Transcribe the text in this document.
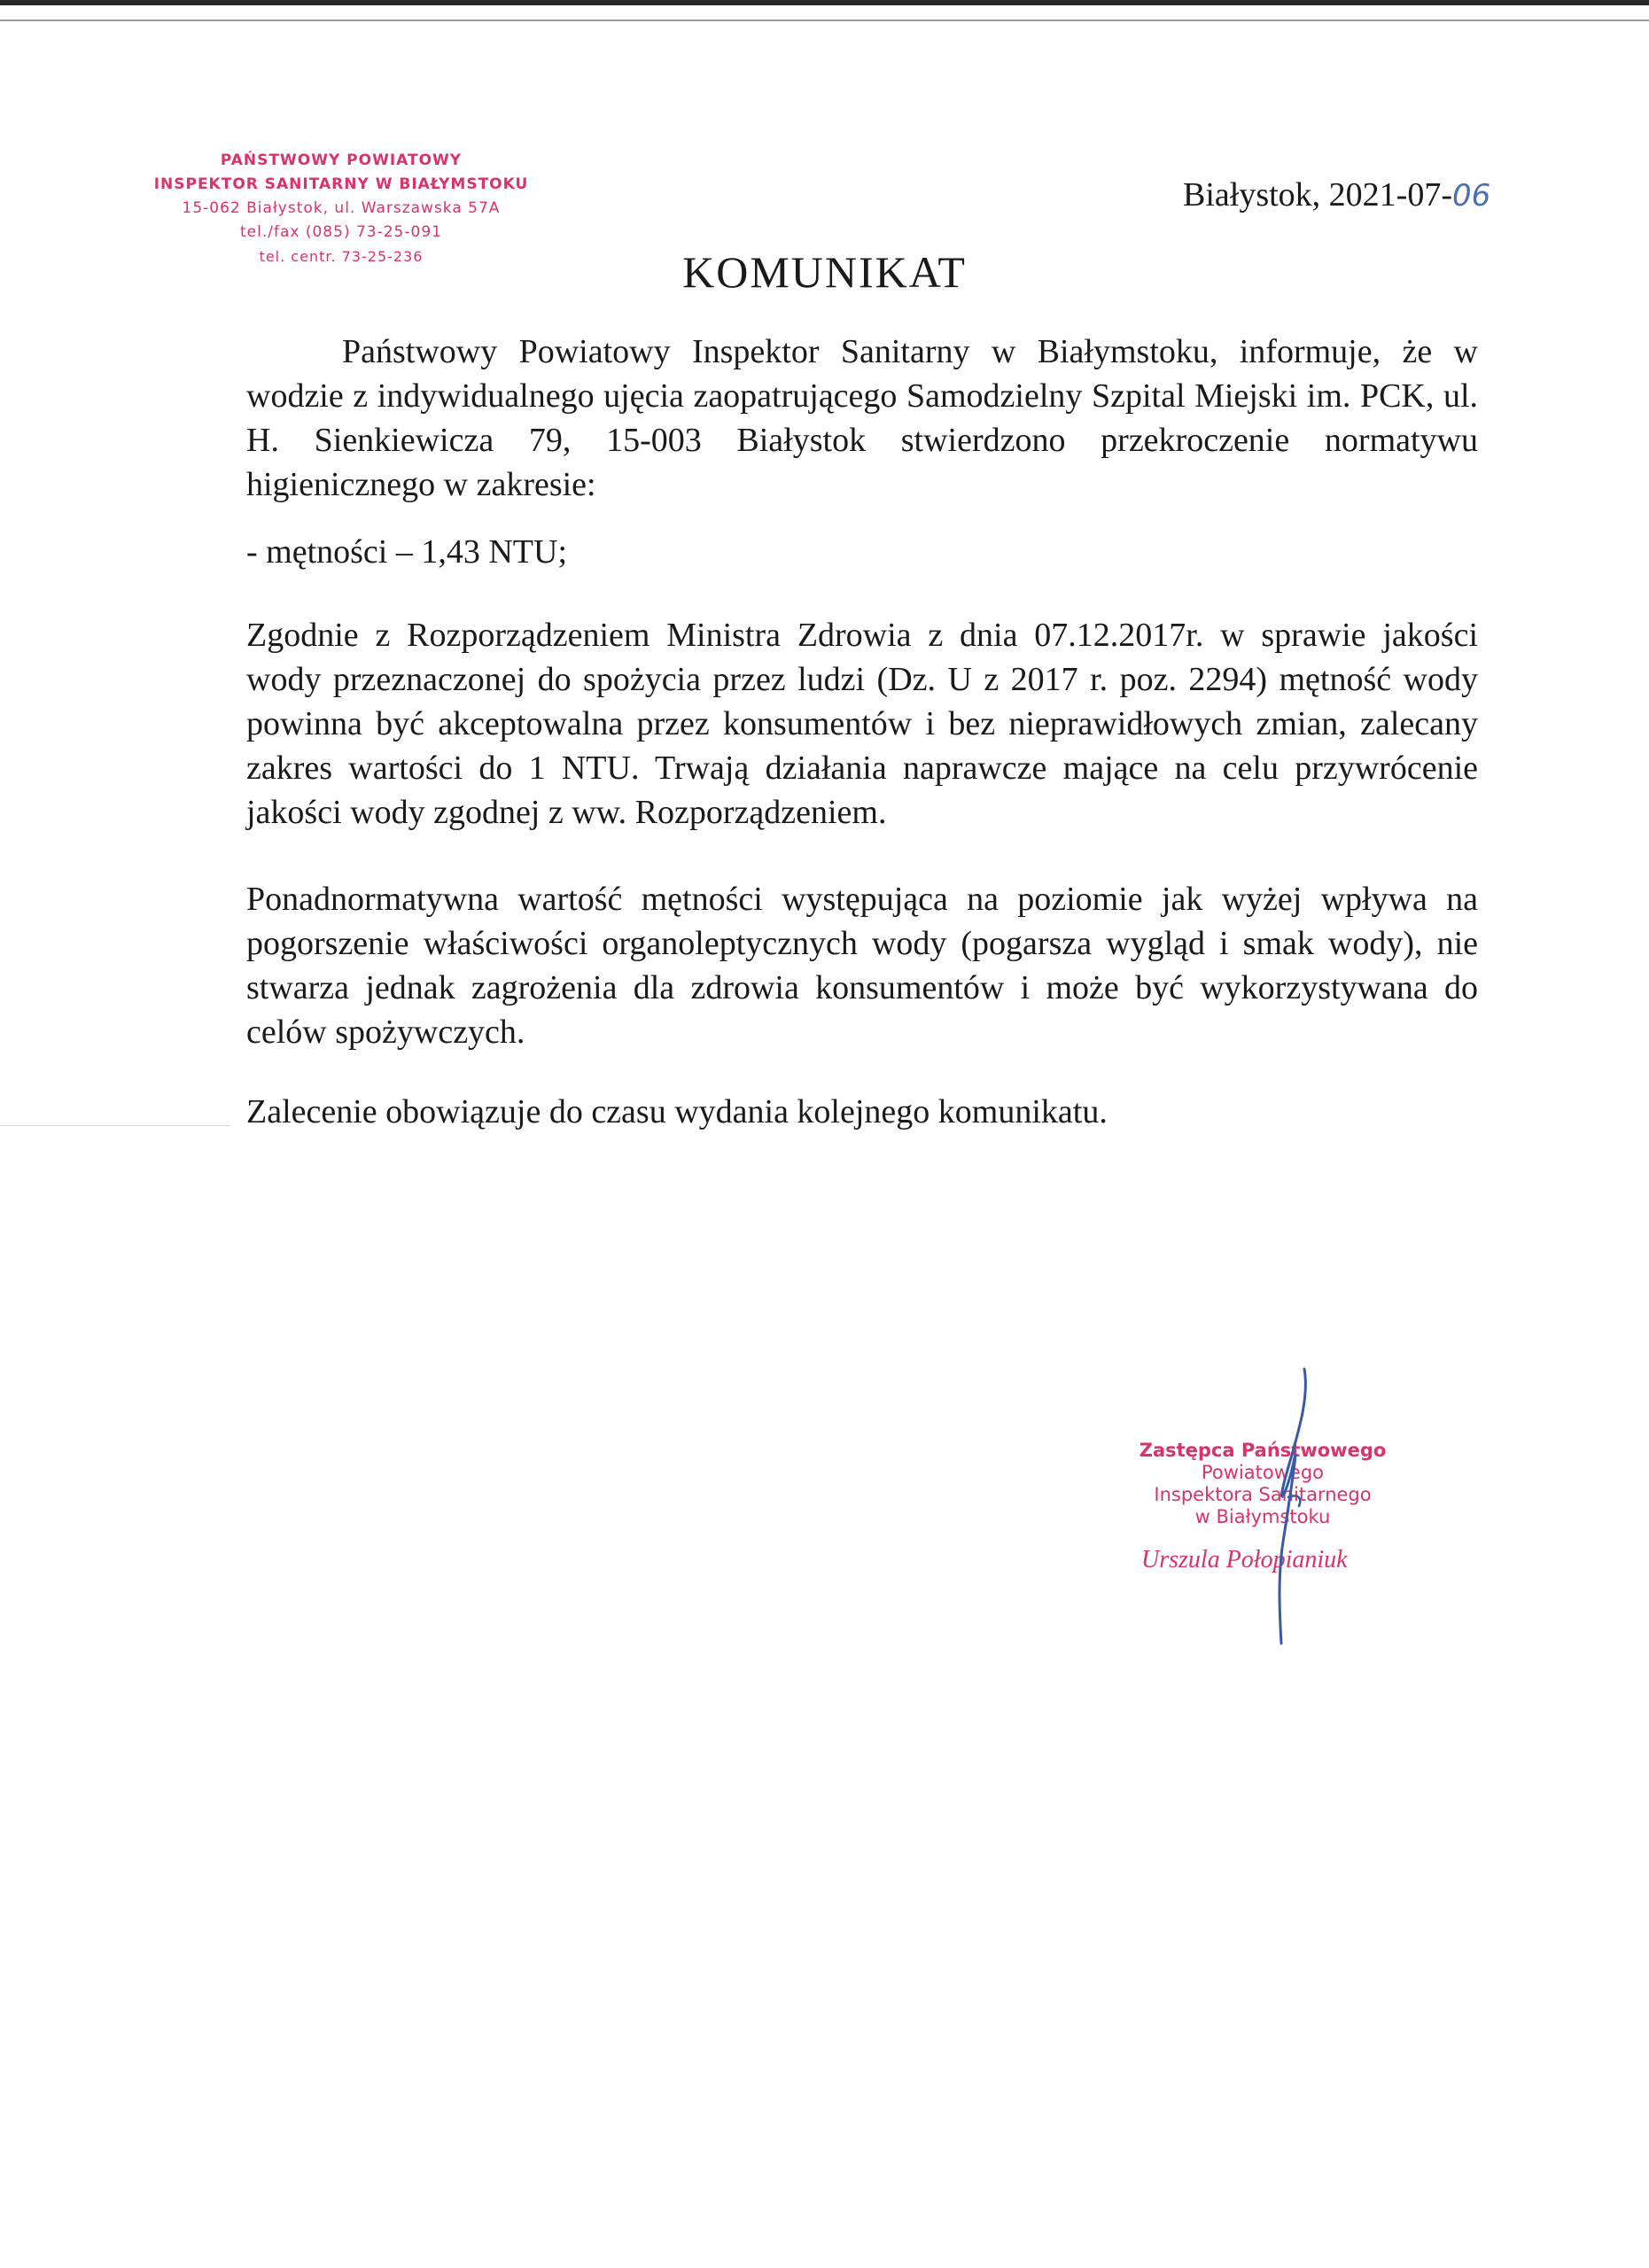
PAŃSTWOWY POWIATOWY
INSPEKTOR SANITARNY W BIAŁYMSTOKU
15-062 Białystok, ul. Warszawska 57A
tel./fax (085) 73-25-091
tel. centr. 73-25-236
Białystok, 2021-07-06
KOMUNIKAT

Państwowy Powiatowy Inspektor Sanitarny w Białymstoku, informuje, że w wodzie z indywidualnego ujęcia zaopatrującego Samodzielny Szpital Miejski im. PCK, ul. H. Sienkiewicza 79, 15-003 Białystok stwierdzono przekroczenie normatywu higienicznego w zakresie:

- mętności – 1,43 NTU;

Zgodnie z Rozporządzeniem Ministra Zdrowia z dnia 07.12.2017r. w sprawie jakości wody przeznaczonej do spożycia przez ludzi (Dz. U z 2017 r. poz. 2294) mętność wody powinna być akceptowalna przez konsumentów i bez nieprawidłowych zmian, zalecany zakres wartości do 1 NTU. Trwają działania naprawcze mające na celu przywrócenie jakości wody zgodnej z ww. Rozporządzeniem.

Ponadnormatywna wartość mętności występująca na poziomie jak wyżej wpływa na pogorszenie właściwości organoleptycznych wody (pogarsza wygląd i smak wody), nie stwarza jednak zagrożenia dla zdrowia konsumentów i może być wykorzystywana do celów spożywczych.

Zalecenie obowiązuje do czasu wydania kolejnego komunikatu.

Zastępca Państwowego
Powiatowego
Inspektora Sanitarnego
w Białymstoku
Urszula Połopianiuk
